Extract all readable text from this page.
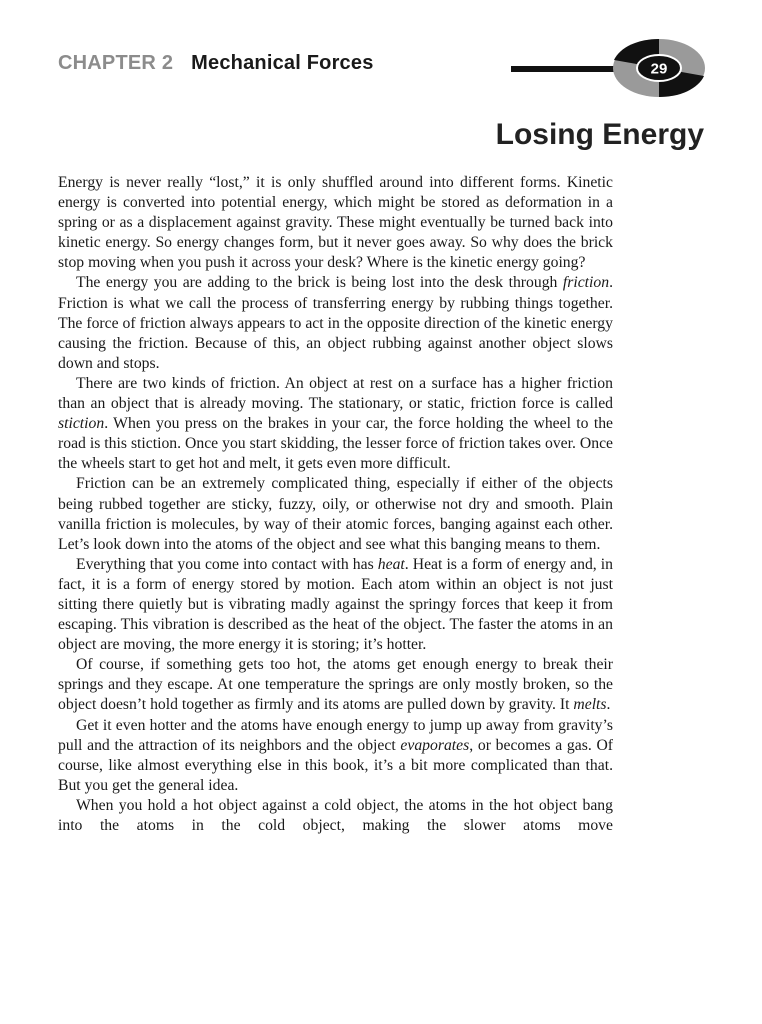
CHAPTER 2 Mechanical Forces	29
Losing Energy

Energy is never really “lost,” it is only shuffled around into different forms. Kinetic energy is converted into potential energy, which might be stored as deformation in a spring or as a displacement against gravity. These might eventually be turned back into kinetic energy. So energy changes form, but it never goes away. So why does the brick stop moving when you push it across your desk? Where is the kinetic energy going?

The energy you are adding to the brick is being lost into the desk through friction. Friction is what we call the process of transferring energy by rubbing things together. The force of friction always appears to act in the opposite direction of the kinetic energy causing the friction. Because of this, an object rubbing against another object slows down and stops.

There are two kinds of friction. An object at rest on a surface has a higher friction than an object that is already moving. The stationary, or static, friction force is called stiction. When you press on the brakes in your car, the force holding the wheel to the road is this stiction. Once you start skidding, the lesser force of friction takes over. Once the wheels start to get hot and melt, it gets even more difficult.

Friction can be an extremely complicated thing, especially if either of the objects being rubbed together are sticky, fuzzy, oily, or otherwise not dry and smooth. Plain vanilla friction is molecules, by way of their atomic forces, banging against each other. Let’s look down into the atoms of the object and see what this banging means to them.

Everything that you come into contact with has heat. Heat is a form of energy and, in fact, it is a form of energy stored by motion. Each atom within an object is not just sitting there quietly but is vibrating madly against the springy forces that keep it from escaping. This vibration is described as the heat of the object. The faster the atoms in an object are moving, the more energy it is storing; it’s hotter.

Of course, if something gets too hot, the atoms get enough energy to break their springs and they escape. At one temperature the springs are only mostly broken, so the object doesn’t hold together as firmly and its atoms are pulled down by gravity. It melts.

Get it even hotter and the atoms have enough energy to jump up away from gravity’s pull and the attraction of its neighbors and the object evaporates, or becomes a gas. Of course, like almost everything else in this book, it’s a bit more complicated than that. But you get the general idea.

When you hold a hot object against a cold object, the atoms in the hot object bang into the atoms in the cold object, making the slower atoms move
